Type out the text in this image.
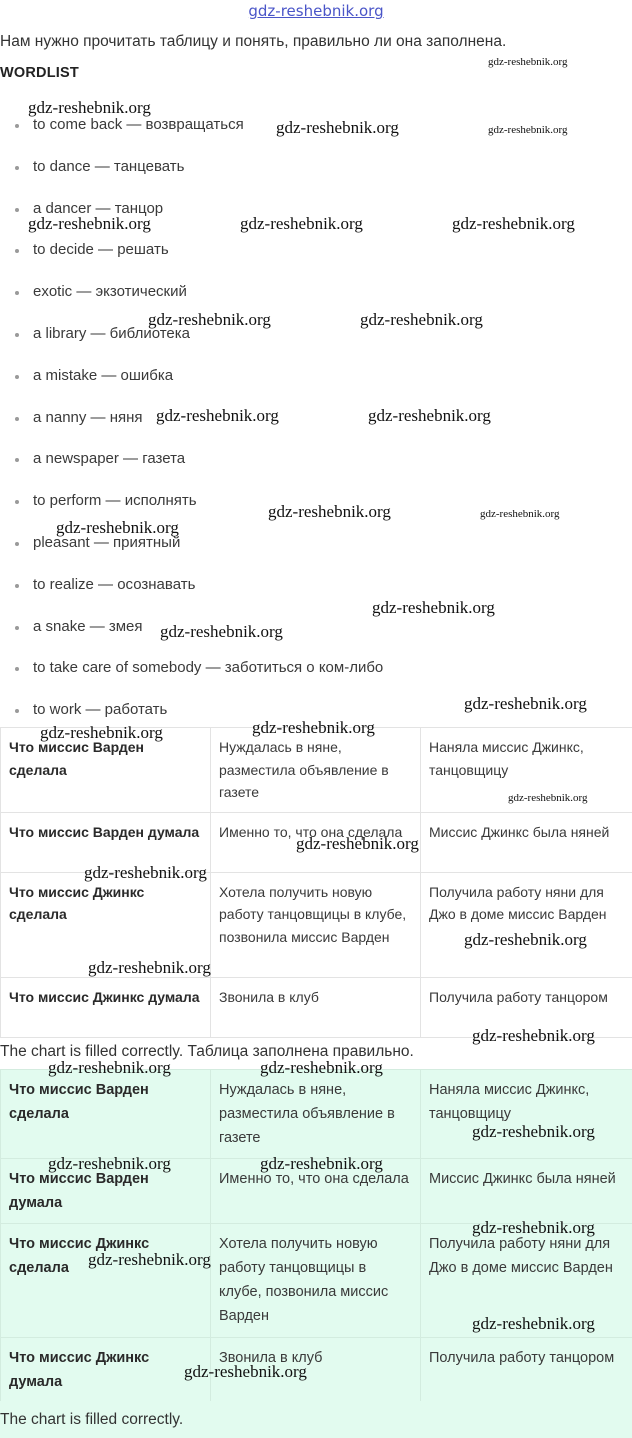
gdz-reshebnik.org
Нам нужно прочитать таблицу и понять, правильно ли она заполнена.
WORDLIST
to come back — возвращаться
to dance — танцевать
a dancer — танцор
to decide — решать
exotic — экзотический
a library — библиотека
a mistake — ошибка
a nanny — няня
a newspaper — газета
to perform — исполнять
pleasant — приятный
to realize — осознавать
a snake — змея
to take care of somebody — заботиться о ком-либо
to work — работать
Что миссис Варден сделала	Нуждалась в няне, разместила объявление в газете	Наняла миссис Джинкс, танцовщицу
Что миссис Варден думала	Именно то, что она сделала	Миссис Джинкс была няней
Что миссис Джинкс сделала	Хотела получить новую работу танцовщицы в клубе, позвонила миссис Варден	Получила работу няни для Джо в доме миссис Варден
Что миссис Джинкс думала	Звонила в клуб	Получила работу танцором
The chart is filled correctly. Таблица заполнена правильно.
Что миссис Варден сделала	Нуждалась в няне, разместила объявление в газете	Наняла миссис Джинкс, танцовщицу
Что миссис Варден думала	Именно то, что она сделала	Миссис Джинкс была няней
Что миссис Джинкс сделала	Хотела получить новую работу танцовщицы в клубе, позвонила миссис Варден	Получила работу няни для Джо в доме миссис Варден
Что миссис Джинкс думала	Звонила в клуб	Получила работу танцором
The chart is filled correctly.
gdz-reshebnik.org
gdz-reshebnik.org	gdz-reshebnik.org
gdz-reshebnik.org
gdz-reshebnik.org	gdz-reshebnik.org	gdz-reshebnik.org
gdz-reshebnik.org	gdz-reshebnik.org
gdz-reshebnik.org	gdz-reshebnik.org
gdz-reshebnik.org
gdz-reshebnik.org	gdz-reshebnik.org
gdz-reshebnik.org
gdz-reshebnik.org
gdz-reshebnik.org
gdz-reshebnik.org	gdz-reshebnik.org
gdz-reshebnik.org
gdz-reshebnik.org
gdz-reshebnik.org
gdz-reshebnik.org
gdz-reshebnik.org
gdz-reshebnik.org
gdz-reshebnik.org	gdz-reshebnik.org
gdz-reshebnik.org
gdz-reshebnik.org	gdz-reshebnik.org
gdz-reshebnik.org
gdz-reshebnik.org
gdz-reshebnik.org
gdz-reshebnik.org
